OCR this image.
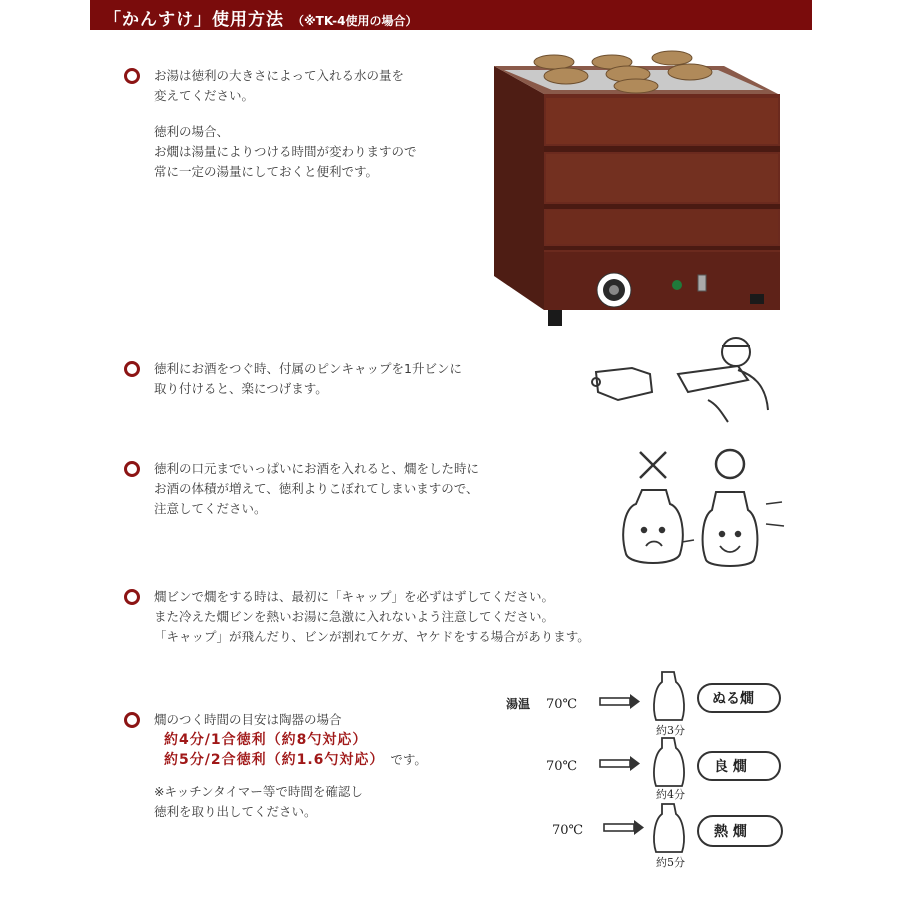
「かんすけ」使用方法 （※TK-4使用の場合）

お湯は徳利の大きさによって入れる水の量を

変えてください。

徳利の場合、

お燗は湯量によりつける時間が変わりますので

常に一定の湯量にしておくと便利です。

徳利にお酒をつぐ時、付属のピンキャップを1升ビンに

取り付けると、楽につげます。

徳利の口元までいっぱいにお酒を入れると、燗をした時に

お酒の体積が増えて、徳利よりこぼれてしまいますので、

注意してください。

燗ビンで燗をする時は、最初に「キャップ」を必ずはずしてください。

また冷えた燗ビンを熱いお湯に急激に入れないよう注意してください。

「キャップ」が飛んだり、ビンが割れてケガ、ヤケドをする場合があります。

燗のつく時間の目安は陶器の場合

約4分/1合徳利（約8勺対応）

約5分/2合徳利（約1.6勺対応） です。

※キッチンタイマー等で時間を確認し

徳利を取り出してください。

湯温 70℃
約3分
ぬる燗
70℃
約4分
良 燗
70℃
約5分
熱 燗
